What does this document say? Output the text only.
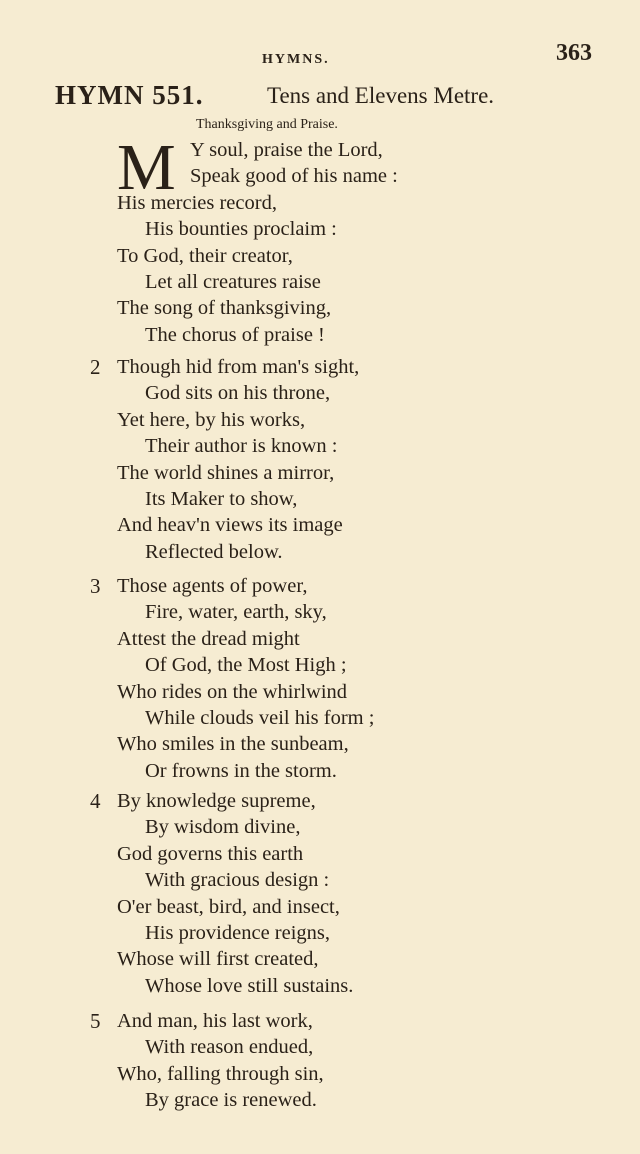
HYMNS.	363
HYMN 551.	Tens and Elevens Metre.
Thanksgiving and Praise.
M Y soul, praise the Lord,
Speak good of his name :
His mercies record,
His bounties proclaim :
To God, their creator,
Let all creatures raise
The song of thanksgiving,
The chorus of praise !
2 Though hid from man's sight,
God sits on his throne,
Yet here, by his works,
Their author is known :
The world shines a mirror,
Its Maker to show,
And heav'n views its image
Reflected below.
3 Those agents of power,
Fire, water, earth, sky,
Attest the dread might
Of God, the Most High ;
Who rides on the whirlwind
While clouds veil his form ;
Who smiles in the sunbeam,
Or frowns in the storm.
4 By knowledge supreme,
By wisdom divine,
God governs this earth
With gracious design :
O'er beast, bird, and insect,
His providence reigns,
Whose will first created,
Whose love still sustains.
5 And man, his last work,
With reason endued,
Who, falling through sin,
By grace is renewed.
